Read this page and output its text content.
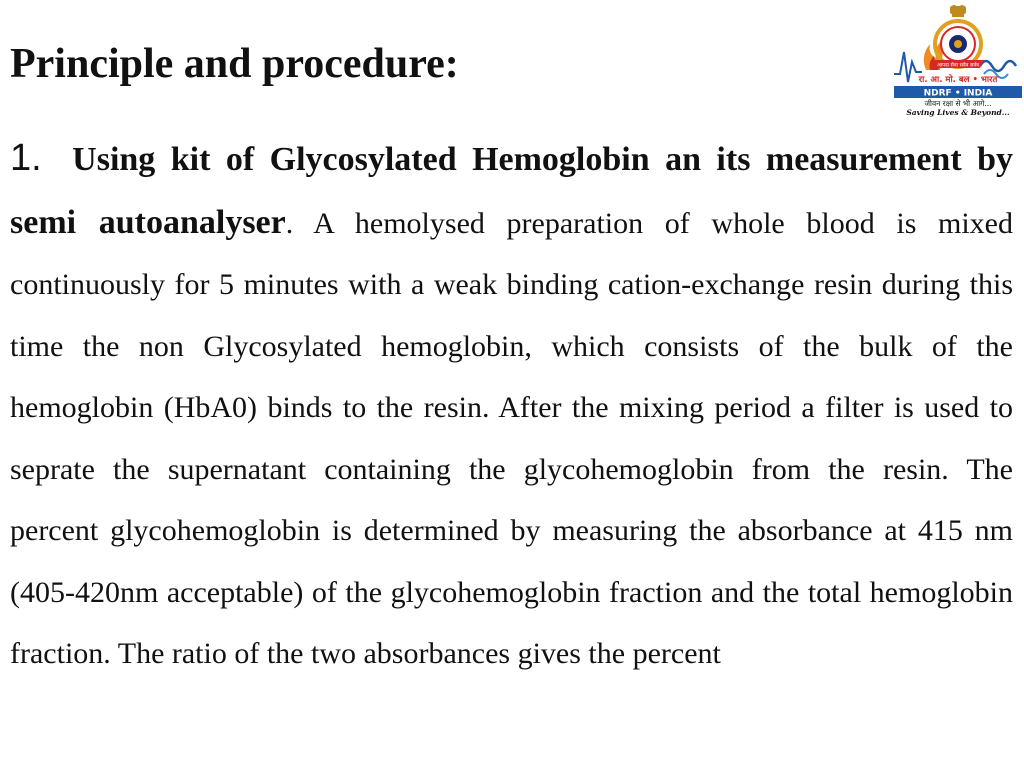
Principle and procedure:	आपदा सेवा सदैव सर्वत्र
रा. आ. मो. बल • भारत
NDRF • INDIA
जीवन रक्षा से भी आगे...
Saving Lives & Beyond...

1. Using kit of Glycosylated Hemoglobin an its measurement by semi autoanalyser. A hemolysed preparation of whole blood is mixed continuously for 5 minutes with a weak binding cation-exchange resin during this time the non Glycosylated hemoglobin, which consists of the bulk of the hemoglobin (HbA0) binds to the resin. After the mixing period a filter is used to seprate the supernatant containing the glycohemoglobin from the resin. The percent glycohemoglobin is determined by measuring the absorbance at 415 nm (405-420nm acceptable) of the glycohemoglobin fraction and the total hemoglobin fraction. The ratio of the two absorbances gives the percent
